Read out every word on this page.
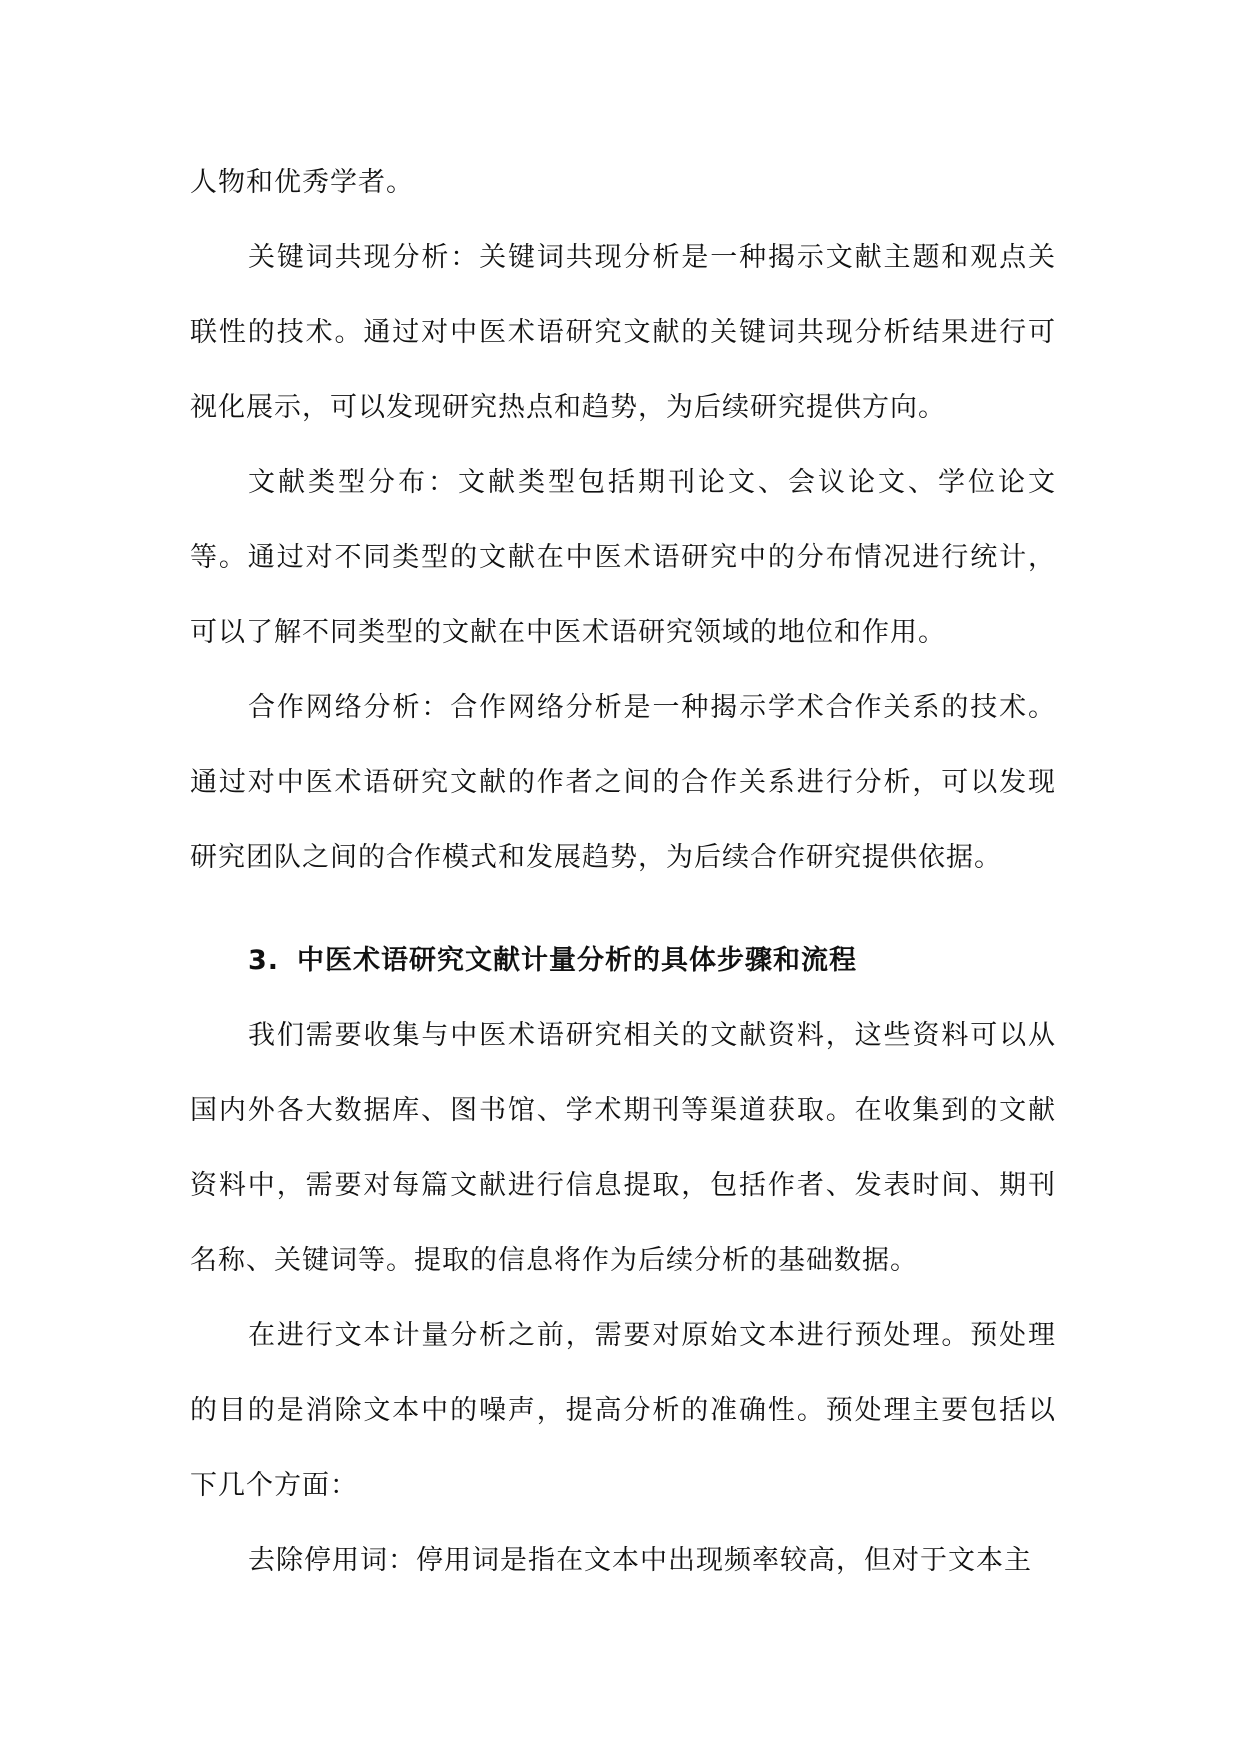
人物和优秀学者。

关键词共现分析：关键词共现分析是一种揭示文献主题和观点关联性的技术。通过对中医术语研究文献的关键词共现分析结果进行可视化展示，可以发现研究热点和趋势，为后续研究提供方向。

文献类型分布：文献类型包括期刊论文、会议论文、学位论文等。通过对不同类型的文献在中医术语研究中的分布情况进行统计，可以了解不同类型的文献在中医术语研究领域的地位和作用。

合作网络分析：合作网络分析是一种揭示学术合作关系的技术。通过对中医术语研究文献的作者之间的合作关系进行分析，可以发现研究团队之间的合作模式和发展趋势，为后续合作研究提供依据。

3. 中医术语研究文献计量分析的具体步骤和流程

我们需要收集与中医术语研究相关的文献资料，这些资料可以从国内外各大数据库、图书馆、学术期刊等渠道获取。在收集到的文献资料中，需要对每篇文献进行信息提取，包括作者、发表时间、期刊名称、关键词等。提取的信息将作为后续分析的基础数据。

在进行文本计量分析之前，需要对原始文本进行预处理。预处理的目的是消除文本中的噪声，提高分析的准确性。预处理主要包括以下几个方面：

去除停用词：停用词是指在文本中出现频率较高，但对于文本主
